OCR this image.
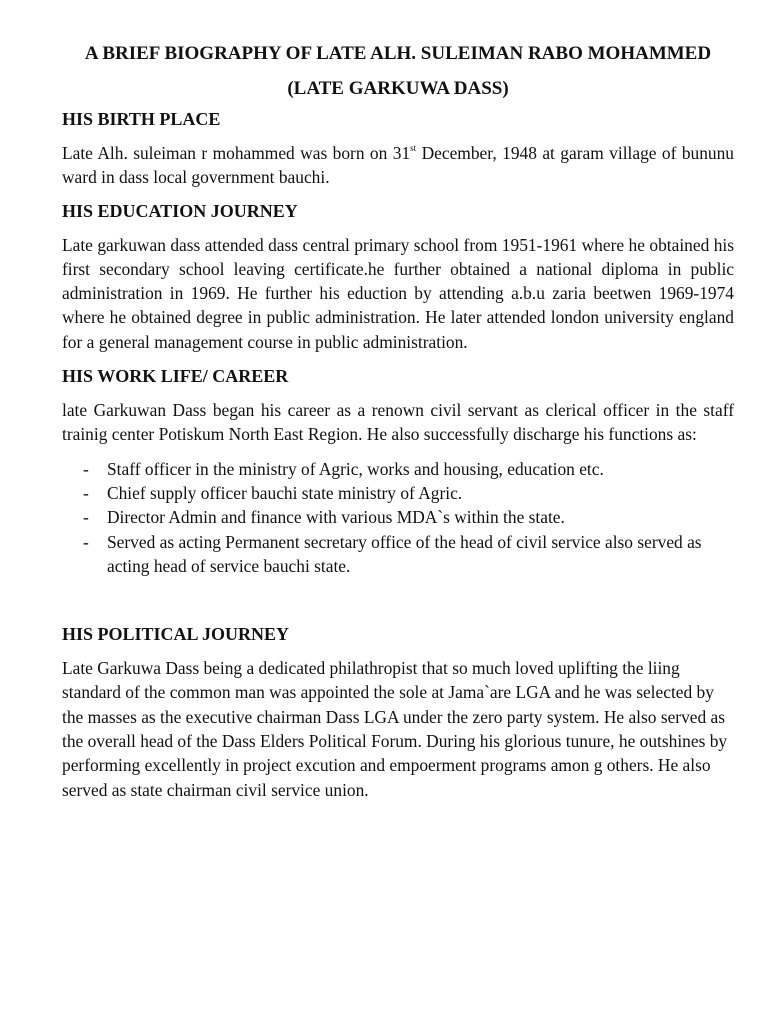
A BRIEF BIOGRAPHY OF LATE ALH. SULEIMAN RABO MOHAMMED

(LATE GARKUWA DASS)

HIS BIRTH PLACE

Late Alh. suleiman r mohammed was born on 31st December, 1948 at garam village of bununu ward in dass local government bauchi.

HIS EDUCATION JOURNEY

Late garkuwan dass attended dass central primary school from 1951-1961 where he obtained his first secondary school leaving certificate.he further obtained a national diploma in public administration in 1969. He further his eduction by attending a.b.u zaria beetwen 1969-1974 where he obtained degree in public administration. He later attended london university england for a general management course in public administration.

HIS WORK LIFE/ CAREER

late Garkuwan Dass began his career as a renown civil servant as clerical officer in the staff trainig center Potiskum North East Region. He also successfully discharge his functions as:

- Staff officer in the ministry of Agric, works and housing, education etc.
- Chief supply officer bauchi state ministry of Agric.
- Director Admin and finance with various MDA`s within the state.
- Served as acting Permanent secretary office of the head of civil service also served as acting head of service bauchi state.

HIS POLITICAL JOURNEY

Late Garkuwa Dass being a dedicated philathropist that so much loved uplifting the liing standard of the common man was appointed the sole at Jama`are LGA and he was selected by the masses as the executive chairman Dass LGA under the zero party system. He also served as the overall head of the Dass Elders Political Forum. During his glorious tunure, he outshines by performing excellently in project excution and empoerment programs amon g others. He also served as state chairman civil service union.
